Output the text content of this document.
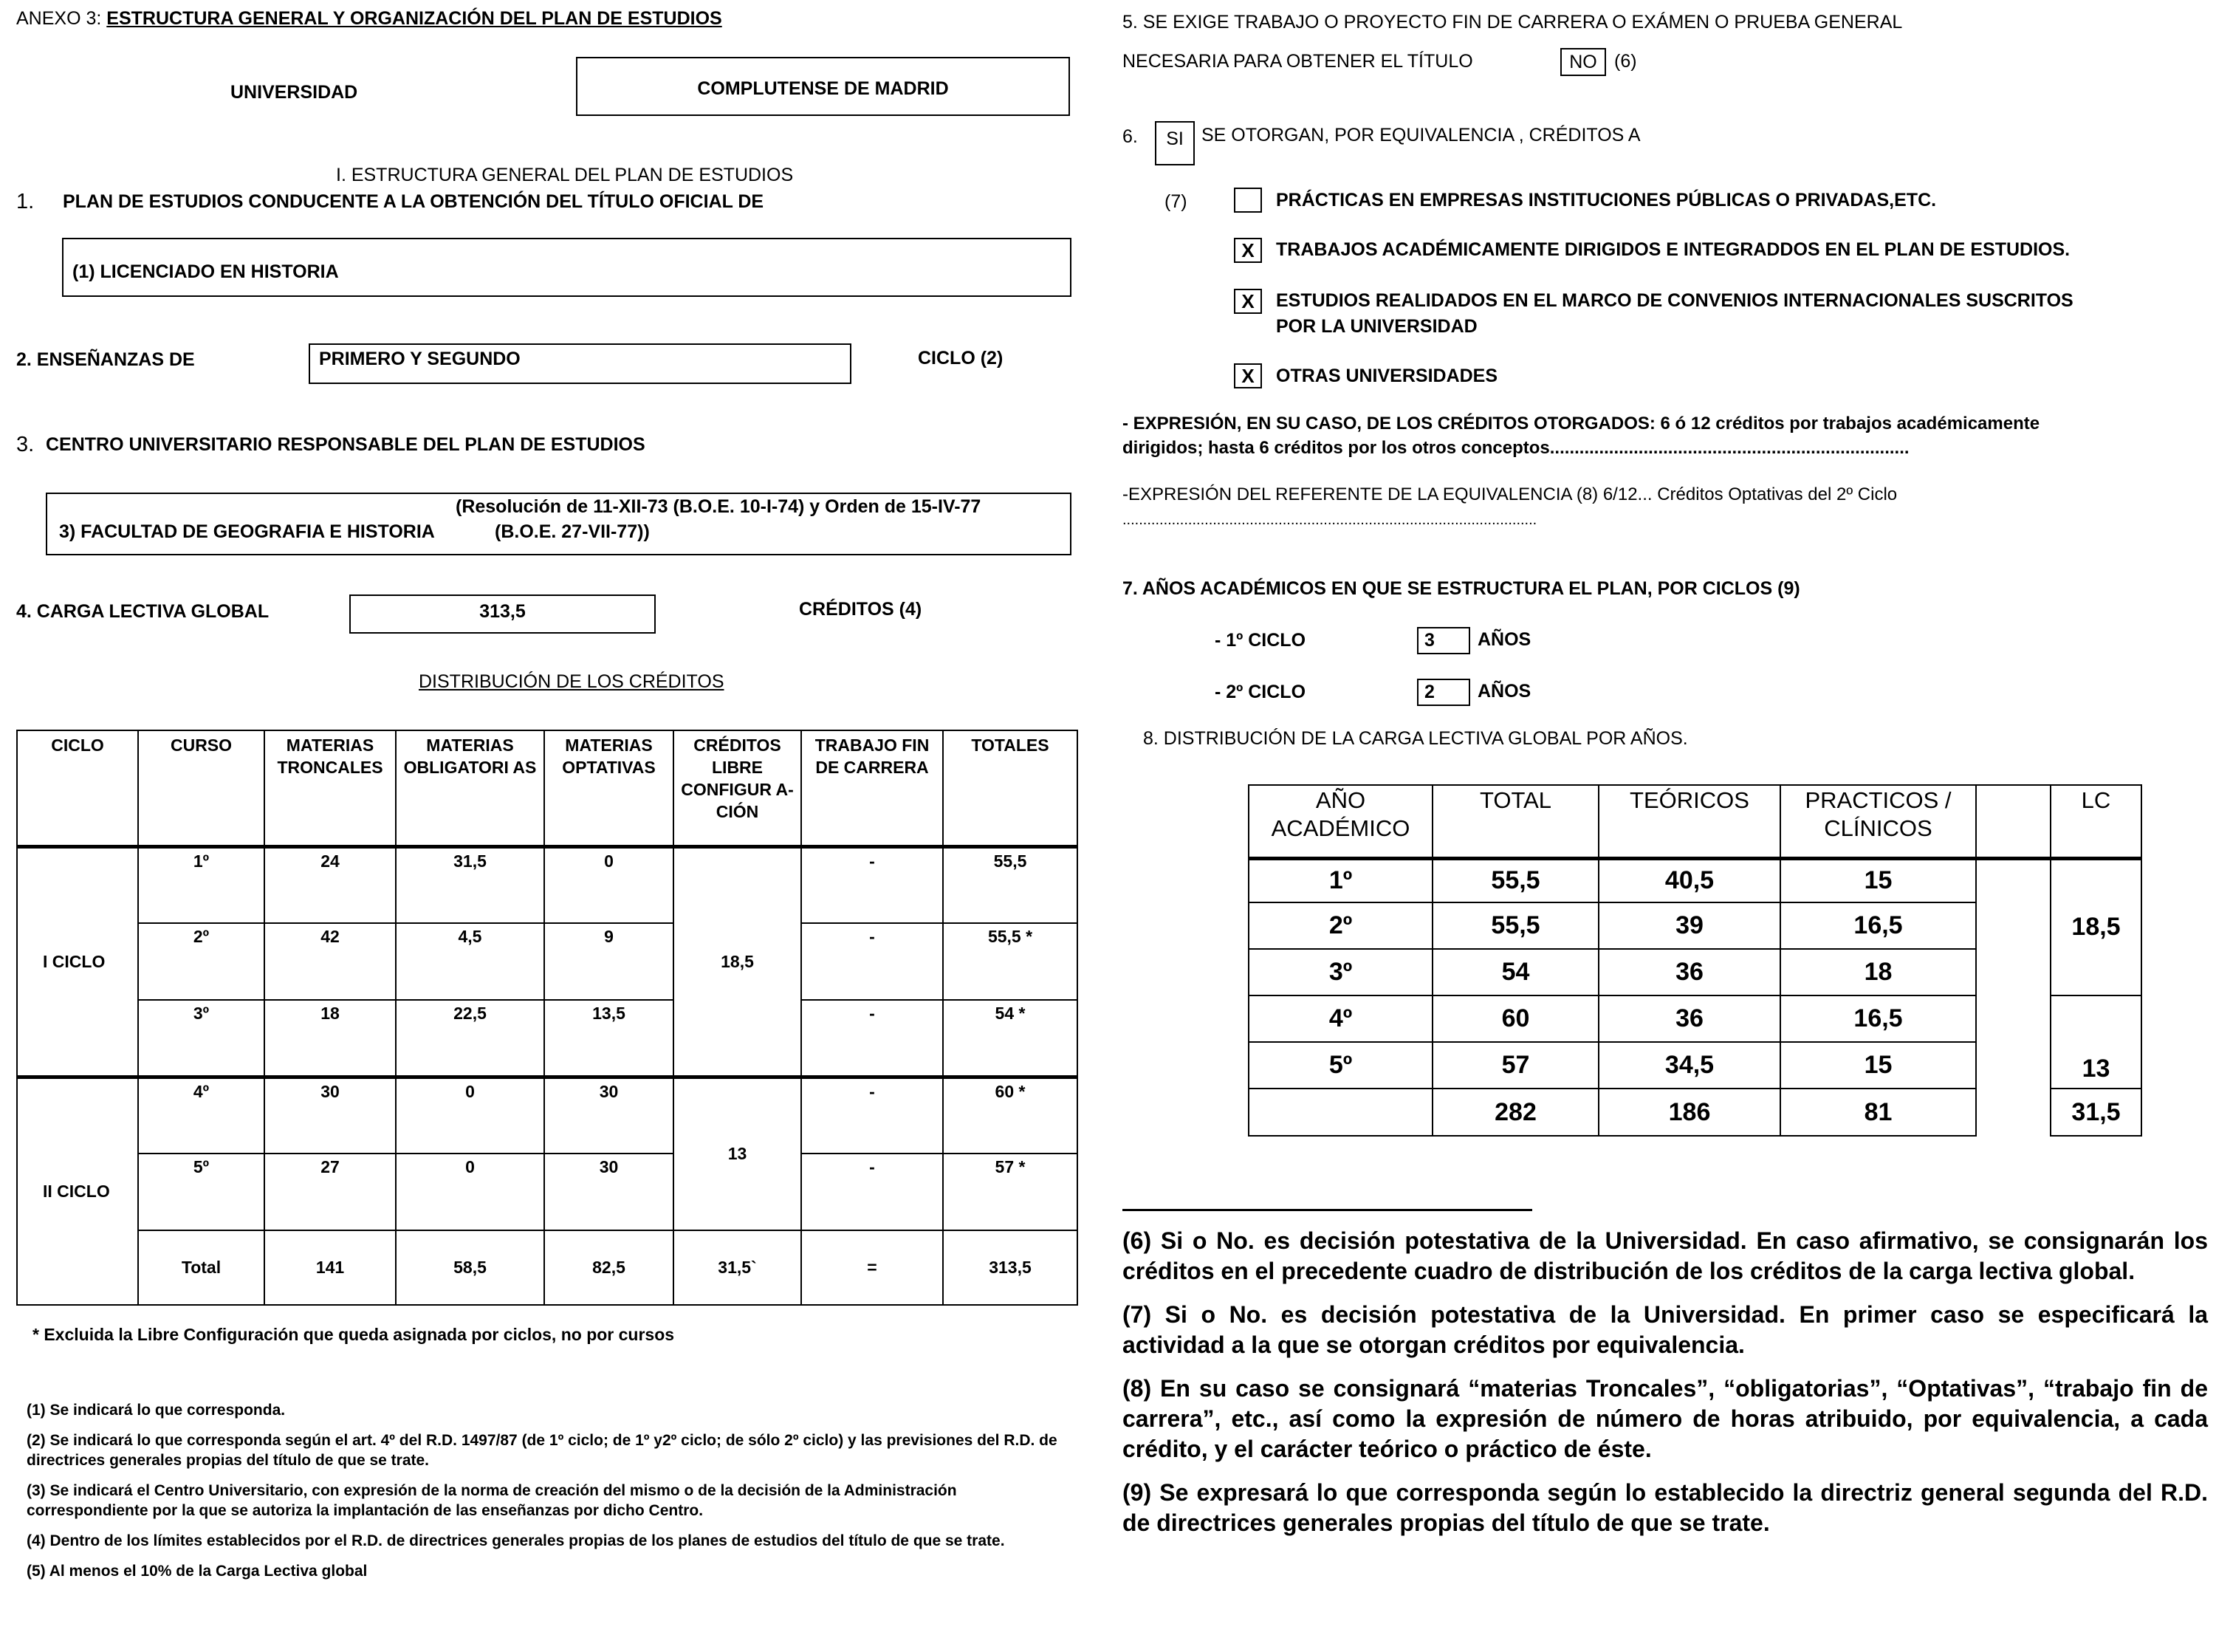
ANEXO 3: ESTRUCTURA GENERAL Y ORGANIZACIÓN DEL PLAN DE ESTUDIOS
UNIVERSIDAD	COMPLUTENSE DE MADRID
I. ESTRUCTURA GENERAL DEL PLAN DE ESTUDIOS
1. PLAN DE ESTUDIOS CONDUCENTE A LA OBTENCIÓN DEL TÍTULO OFICIAL DE
(1) LICENCIADO EN HISTORIA
2. ENSEÑANZAS DE	PRIMERO Y SEGUNDO	CICLO (2)
3. CENTRO UNIVERSITARIO RESPONSABLE DEL PLAN DE ESTUDIOS
(Resolución de 11-XII-73 (B.O.E. 10-I-74) y Orden de 15-IV-77
3) FACULTAD DE GEOGRAFIA E HISTORIA	(B.O.E. 27-VII-77))
4. CARGA LECTIVA GLOBAL	313,5	CRÉDITOS (4)
DISTRIBUCIÓN DE LOS CRÉDITOS
CICLO	CURSO	MATERIAS TRONCALES	MATERIAS OBLIGATORI AS	MATERIAS OPTATIVAS	CRÉDITOS LIBRE CONFIGUR A-CIÓN	TRABAJO FIN DE CARRERA	TOTALES
I CICLO	1º	24	31,5	0	18,5	-	55,5
	2º	42	4,5	9		-	55,5 *
	3º	18	22,5	13,5		-	54 *
II CICLO	4º	30	0	30	13	-	60 *
	5º	27	0	30		-	57 *
	Total	141	58,5	82,5	31,5`	=	313,5
* Excluida la Libre Configuración que queda asignada por ciclos, no por cursos
(1) Se indicará lo que corresponda.
(2) Se indicará lo que corresponda según el art. 4º del R.D. 1497/87 (de 1º ciclo; de 1º y2º ciclo; de sólo 2º ciclo) y las previsiones del R.D. de directrices generales propias del título de que se trate.
(3) Se indicará el Centro Universitario, con expresión de la norma de creación del mismo o de la decisión de la Administración correspondiente por la que se autoriza la implantación de las enseñanzas por dicho Centro.
(4) Dentro de los límites establecidos por el R.D. de directrices generales propias de los planes de estudios del título de que se trate.
(5) Al menos el 10% de la Carga Lectiva global
5. SE EXIGE TRABAJO O PROYECTO FIN DE CARRERA O EXÁMEN O PRUEBA GENERAL
NECESARIA PARA OBTENER EL TÍTULO	NO (6)
6.	SI SE OTORGAN, POR EQUIVALENCIA , CRÉDITOS A
(7)	PRÁCTICAS EN EMPRESAS INSTITUCIONES PÚBLICAS O PRIVADAS,ETC.
X	TRABAJOS ACADÉMICAMENTE DIRIGIDOS E INTEGRADDOS EN EL PLAN DE ESTUDIOS.
X	ESTUDIOS REALIDADOS EN EL MARCO DE CONVENIOS INTERNACIONALES SUSCRITOS
POR LA UNIVERSIDAD
X	OTRAS UNIVERSIDADES
- EXPRESIÓN, EN SU CASO, DE LOS CRÉDITOS OTORGADOS: 6 ó 12 créditos por trabajos académicamente
dirigidos; hasta 6 créditos por los otros conceptos.........................................................................
-EXPRESIÓN DEL REFERENTE DE LA EQUIVALENCIA (8) 6/12... Créditos Optativas del 2º Ciclo
.....................................................................................................
7. AÑOS ACADÉMICOS EN QUE SE ESTRUCTURA EL PLAN, POR CICLOS (9)
- 1º CICLO	3	AÑOS
- 2º CICLO	2	AÑOS
8. DISTRIBUCIÓN DE LA CARGA LECTIVA GLOBAL POR AÑOS.
AÑO ACADÉMICO	TOTAL	TEÓRICOS	PRACTICOS / CLÍNICOS		LC
1º	55,5	40,5	15		18,5
2º	55,5	39	16,5		
3º	54	36	18		
4º	60	36	16,5		13
5º	57	34,5	15		
	282	186	81		31,5
(6) Si o No. es decisión potestativa de la Universidad. En caso afirmativo, se consignarán los créditos en el precedente cuadro de distribución de los créditos de la carga lectiva global.
(7) Si o No. es decisión potestativa de la Universidad. En primer caso se especificará la actividad a la que se otorgan créditos por equivalencia.
(8) En su caso se consignará “materias Troncales”, “obligatorias”, “Optativas”, “trabajo fin de carrera”, etc., así como la expresión de número de horas atribuido, por equivalencia, a cada crédito, y el carácter teórico o práctico de éste.
(9) Se expresará lo que corresponda según lo establecido la directriz general segunda del R.D. de directrices generales propias del título de que se trate.
